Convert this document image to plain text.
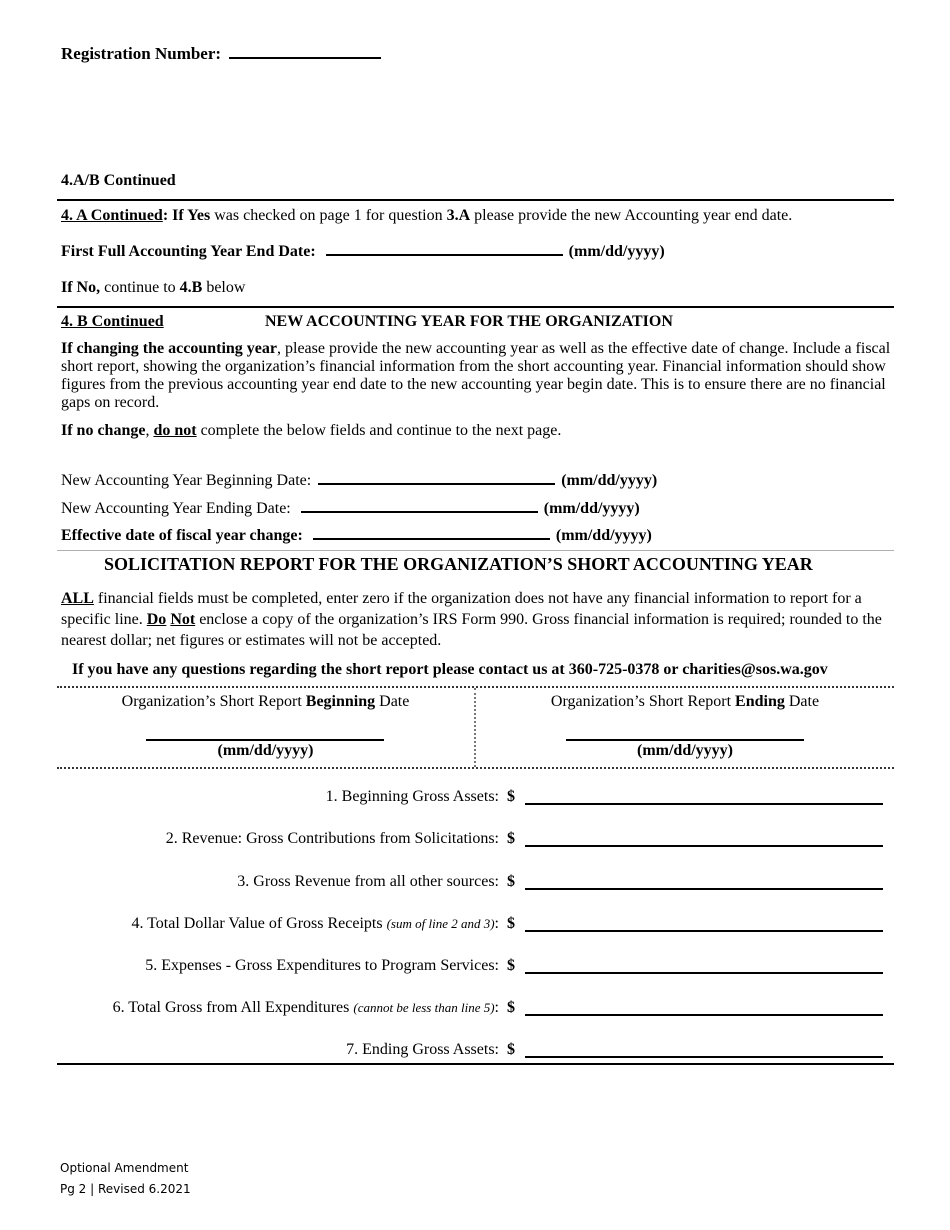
Registration Number:
4.A/B Continued
4. A Continued: If Yes was checked on page 1 for question 3.A please provide the new Accounting year end date.
First Full Accounting Year End Date:	(mm/dd/yyyy)
If No, continue to 4.B below
4. B Continued	NEW ACCOUNTING YEAR FOR THE ORGANIZATION
If changing the accounting year, please provide the new accounting year as well as the effective date of change. Include a fiscal short report, showing the organization’s financial information from the short accounting year. Financial information should show figures from the previous accounting year end date to the new accounting year begin date. This is to ensure there are no financial gaps on record.
If no change, do not complete the below fields and continue to the next page.
New Accounting Year Beginning Date:	(mm/dd/yyyy)
New Accounting Year Ending Date:	(mm/dd/yyyy)
Effective date of fiscal year change:	(mm/dd/yyyy)
SOLICITATION REPORT FOR THE ORGANIZATION’S SHORT ACCOUNTING YEAR
ALL financial fields must be completed, enter zero if the organization does not have any financial information to report for a specific line. Do Not enclose a copy of the organization’s IRS Form 990. Gross financial information is required; rounded to the nearest dollar; net figures or estimates will not be accepted.
If you have any questions regarding the short report please contact us at 360-725-0378 or charities@sos.wa.gov
Organization’s Short Report Beginning Date
(mm/dd/yyyy)
Organization’s Short Report Ending Date
(mm/dd/yyyy)
1. Beginning Gross Assets: $
2. Revenue: Gross Contributions from Solicitations: $
3. Gross Revenue from all other sources: $
4. Total Dollar Value of Gross Receipts (sum of line 2 and 3): $
5. Expenses - Gross Expenditures to Program Services: $
6. Total Gross from All Expenditures (cannot be less than line 5): $
7. Ending Gross Assets: $
Optional Amendment
Pg 2 | Revised 6.2021
